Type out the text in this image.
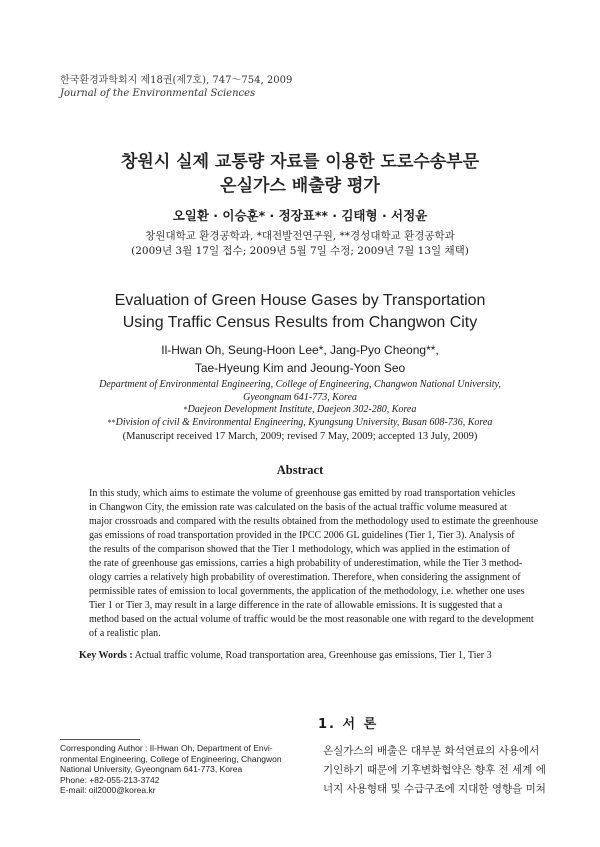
한국환경과학회지 제18권(제7호), 747～754, 2009
Journal of the Environmental Sciences
창원시 실제 교통량 자료를 이용한 도로수송부문
온실가스 배출량 평가
오일환 · 이승훈* · 정장표** · 김태형 · 서정윤
창원대학교 환경공학과, *대전발전연구원, **경성대학교 환경공학과
(2009년 3월 17일 접수; 2009년 5월 7일 수정; 2009년 7월 13일 채택)
Evaluation of Green House Gases by Transportation
Using Traffic Census Results from Changwon City
Il-Hwan Oh, Seung-Hoon Lee*, Jang-Pyo Cheong**,
Tae-Hyeung Kim and Jeoung-Yoon Seo
Department of Environmental Engineering, College of Engineering, Changwon National University,
Gyeongnam 641-773, Korea
*Daejeon Development Institute, Daejeon 302-280, Korea
**Division of civil & Environmental Engineering, Kyungsung University, Busan 608-736, Korea
(Manuscript received 17 March, 2009; revised 7 May, 2009; accepted 13 July, 2009)
Abstract
In this study, which aims to estimate the volume of greenhouse gas emitted by road transportation vehicles
in Changwon City, the emission rate was calculated on the basis of the actual traffic volume measured at
major crossroads and compared with the results obtained from the methodology used to estimate the greenhouse
gas emissions of road transportation provided in the IPCC 2006 GL guidelines (Tier 1, Tier 3). Analysis of
the results of the comparison showed that the Tier 1 methodology, which was applied in the estimation of
the rate of greenhouse gas emissions, carries a high probability of underestimation, while the Tier 3 method-
ology carries a relatively high probability of overestimation. Therefore, when considering the assignment of
permissible rates of emission to local governments, the application of the methodology, i.e. whether one uses
Tier 1 or Tier 3, may result in a large difference in the rate of allowable emissions. It is suggested that a
method based on the actual volume of traffic would be the most reasonable one with regard to the development
of a realistic plan.
Key Words : Actual traffic volume, Road transportation area, Greenhouse gas emissions, Tier 1, Tier 3
1. 서 론
Corresponding Author : Il-Hwan Oh, Department of Envi-
ronmental Engineering, College of Engineering, Changwon
National University, Gyeongnam 641-773, Korea
Phone: +82-055-213-3742
E-mail: oil2000@korea.kr
온실가스의 배출은 대부분 화석연료의 사용에서
기인하기 때문에 기후변화협약은 향후 전 세계 에
너지 사용형태 및 수급구조에 지대한 영향을 미쳐
